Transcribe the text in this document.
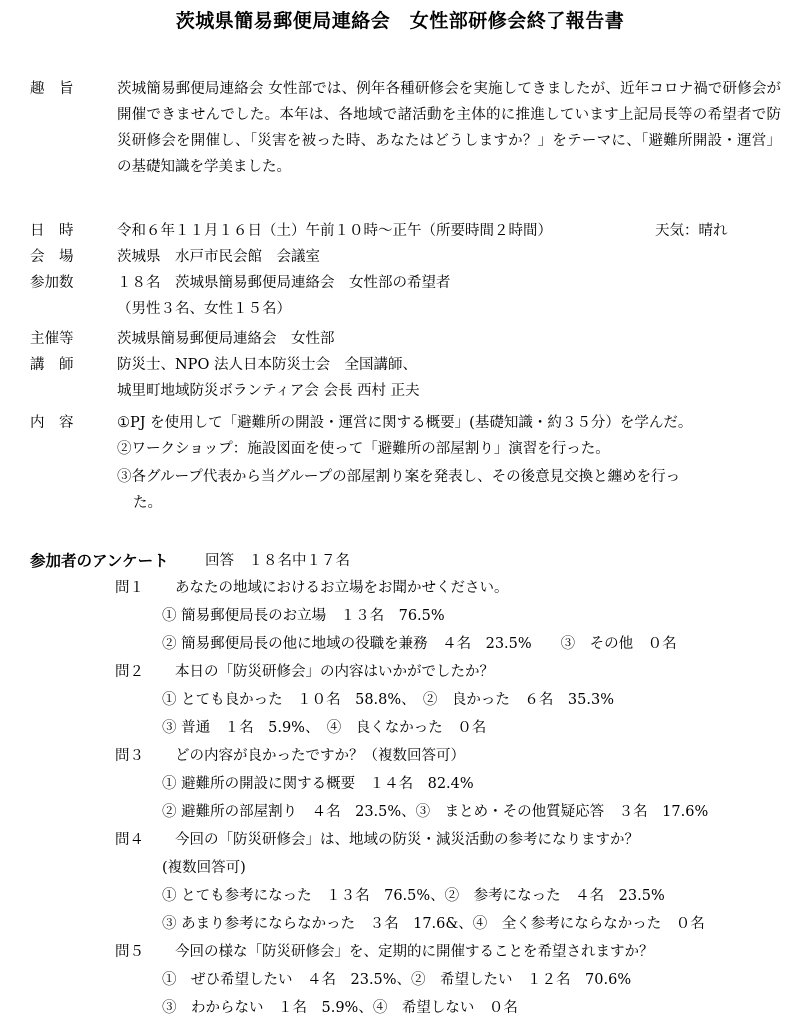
茨城県簡易郵便局連絡会　女性部研修会終了報告書
趣　旨	茨城簡易郵便局連絡会 女性部では、例年各種研修会を実施してきましたが、近年コロナ禍で研修会が開催できませんでした。本年は、各地域で諸活動を主体的に推進しています上記局長等の希望者で防災研修会を開催し、「災害を被った時、あなたはどうしますか？」をテーマに、「避難所開設・運営」の基礎知識を学美ました。
日　時	令和６年１１月１６日（土）午前１０時～正午（所要時間２時間）	天気：晴れ
会　場	茨城県　水戸市民会館　会議室
参加数	１８名　茨城県簡易郵便局連絡会　女性部の希望者
（男性３名、女性１５名）
主催等	茨城県簡易郵便局連絡会　女性部
講　師	防災士、NPO 法人日本防災士会　全国講師、
城里町地域防災ボランティア会 会長 西村 正夫
内　容	①PJ を使用して「避難所の開設・運営に関する概要」(基礎知識・約３５分）を学んだ。
②ワークショップ：施設図面を使って「避難所の部屋割り」演習を行った。
③各グループ代表から当グループの部屋割り案を発表し、その後意見交換と纏めを行っ
た。
参加者のアンケート	回答　１８名中１７名
問１ あなたの地域におけるお立場をお聞かせください。
① 簡易郵便局長のお立場　１３名　76.5%
② 簡易郵便局長の他に地域の役職を兼務　４名　23.5%　　③　その他　０名
問２ 本日の「防災研修会」の内容はいかがでしたか？
① とても良かった　１０名　58.8%、　②　良かった　６名　35.3%
③ 普通　１名　5.9%、　④　良くなかった　０名
問３ どの内容が良かったですか？（複数回答可）
① 避難所の開設に関する概要　１４名　82.4%
② 避難所の部屋割り　４名　23.5%、③　まとめ・その他質疑応答　３名　17.6%
問４ 今回の「防災研修会」は、地域の防災・減災活動の参考になりますか？
(複数回答可)
① とても参考になった　１３名　76.5%、②　参考になった　４名　23.5%
③ あまり参考にならなかった　３名　17.6&、④　全く参考にならなかった　０名
問５ 今回の様な「防災研修会」を、定期的に開催することを希望されますか？
①　ぜひ希望したい　４名　23.5%、②　希望したい　１２名　70.6%
③　わからない　１名　5.9%、④　希望しない　０名
